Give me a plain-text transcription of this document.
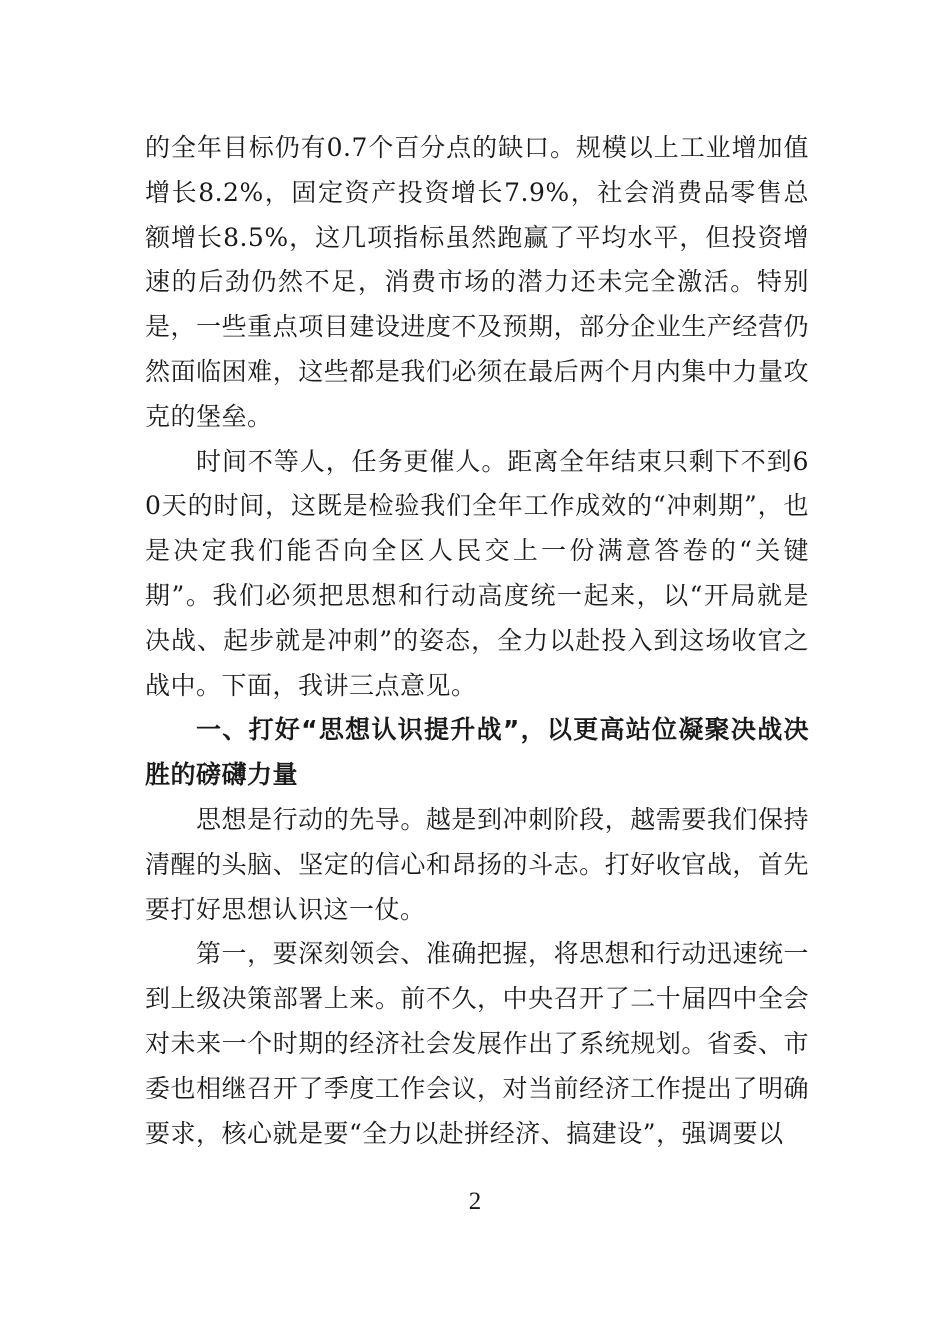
的全年目标仍有0.7个百分点的缺口。规模以上工业增加值增长8.2%，固定资产投资增长7.9%，社会消费品零售总额增长8.5%，这几项指标虽然跑赢了平均水平，但投资增速的后劲仍然不足，消费市场的潜力还未完全激活。特别是，一些重点项目建设进度不及预期，部分企业生产经营仍然面临困难，这些都是我们必须在最后两个月内集中力量攻克的堡垒。

时间不等人，任务更催人。距离全年结束只剩下不到60天的时间，这既是检验我们全年工作成效的“冲刺期”，也是决定我们能否向全区人民交上一份满意答卷的“关键期”。我们必须把思想和行动高度统一起来，以“开局就是决战、起步就是冲刺”的姿态，全力以赴投入到这场收官之战中。下面，我讲三点意见。

一、打好“思想认识提升战”，以更高站位凝聚决战决胜的磅礴力量

思想是行动的先导。越是到冲刺阶段，越需要我们保持清醒的头脑、坚定的信心和昂扬的斗志。打好收官战，首先要打好思想认识这一仗。

第一，要深刻领会、准确把握，将思想和行动迅速统一到上级决策部署上来。前不久，中央召开了二十届四中全会对未来一个时期的经济社会发展作出了系统规划。省委、市委也相继召开了季度工作会议，对当前经济工作提出了明确要求，核心就是要“全力以赴拼经济、搞建设”，强调要以

2
